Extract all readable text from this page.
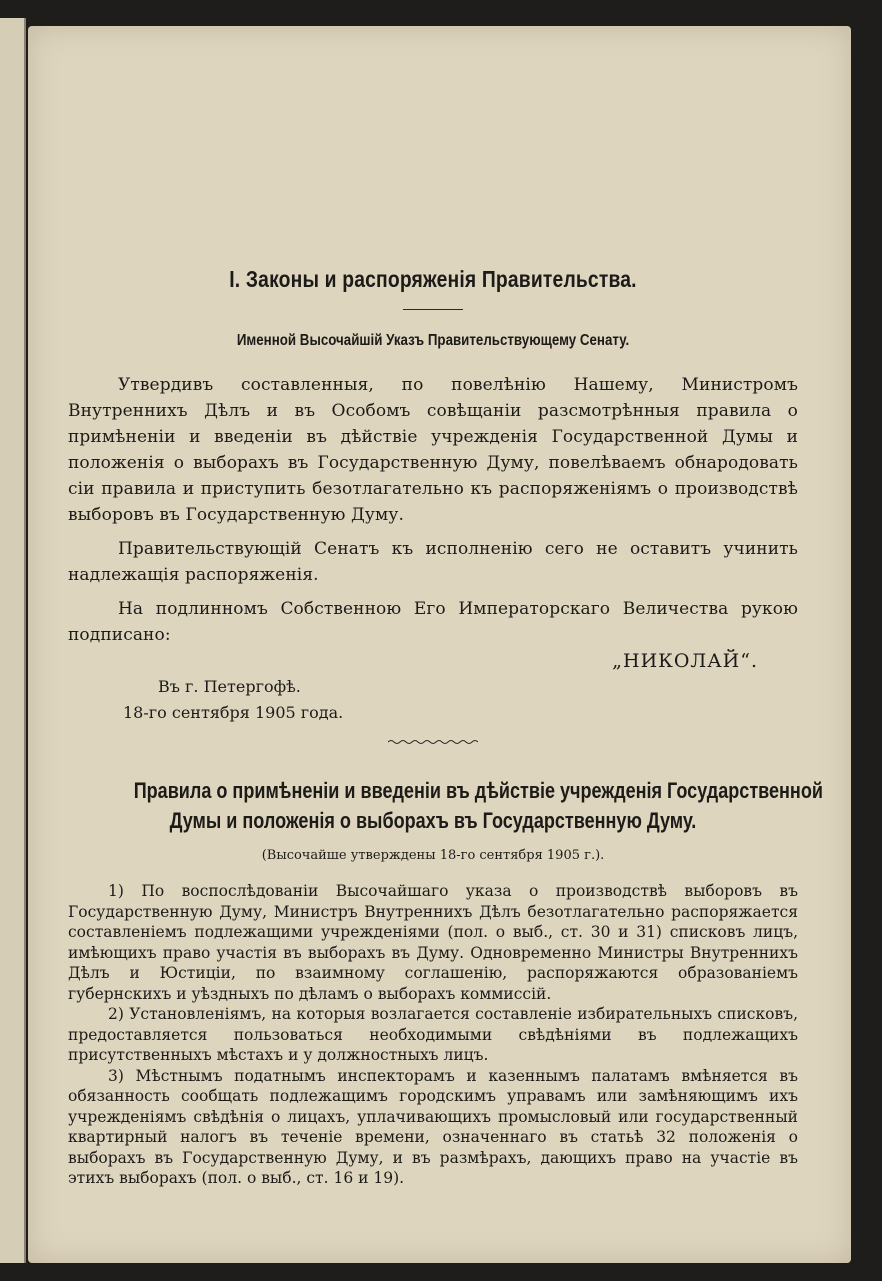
I. Законы и распоряженія Правительства.
Именной Высочайшій Указъ Правительствующему Сенату.

Утвердивъ составленныя, по повелѣнію Нашему, Министромъ Внутреннихъ Дѣлъ и въ Особомъ совѣщаніи разсмотрѣнныя правила о примѣненіи и введеніи въ дѣйствіе учрежденія Государственной Думы и положенія о выборахъ въ Государственную Думу, повелѣваемъ обнародовать сіи правила и приступить безотлагательно къ распоряженіямъ о производствѣ выборовъ въ Государственную Думу.

Правительствующій Сенатъ къ исполненію сего не оставитъ учинить надлежащія распоряженія.

На подлинномъ Собственною Его Императорскаго Величества рукою подписано:

„НИКОЛАЙ“.
Въ г. Петергофѣ.
18-го сентября 1905 года.
Правила о примѣненіи и введеніи въ дѣйствіе учрежденія Государственной
Думы и положенія о выборахъ въ Государственную Думу.
(Высочайше утверждены 18-го сентября 1905 г.).

1) По воспослѣдованіи Высочайшаго указа о производствѣ выборовъ въ Государственную Думу, Министръ Внутреннихъ Дѣлъ безотлагательно распоряжается составленіемъ подлежащими учрежденіями (пол. о выб., ст. 30 и 31) списковъ лицъ, имѣющихъ право участія въ выборахъ въ Думу. Одновременно Министры Внутреннихъ Дѣлъ и Юстиціи, по взаимному соглашенію, распоряжаются образованіемъ губернскихъ и уѣздныхъ по дѣламъ о выборахъ коммиссій.

2) Установленіямъ, на которыя возлагается составленіе избирательныхъ списковъ, предоставляется пользоваться необходимыми свѣдѣніями въ подлежащихъ присутственныхъ мѣстахъ и у должностныхъ лицъ.

3) Мѣстнымъ податнымъ инспекторамъ и казеннымъ палатамъ вмѣняется въ обязанность сообщать подлежащимъ городскимъ управамъ или замѣняющимъ ихъ учрежденіямъ свѣдѣнія о лицахъ, уплачивающихъ промысловый или государственный квартирный налогъ въ теченіе времени, означеннаго въ статьѣ 32 положенія о выборахъ въ Государственную Думу, и въ размѣрахъ, дающихъ право на участіе въ этихъ выборахъ (пол. о выб., ст. 16 и 19).
